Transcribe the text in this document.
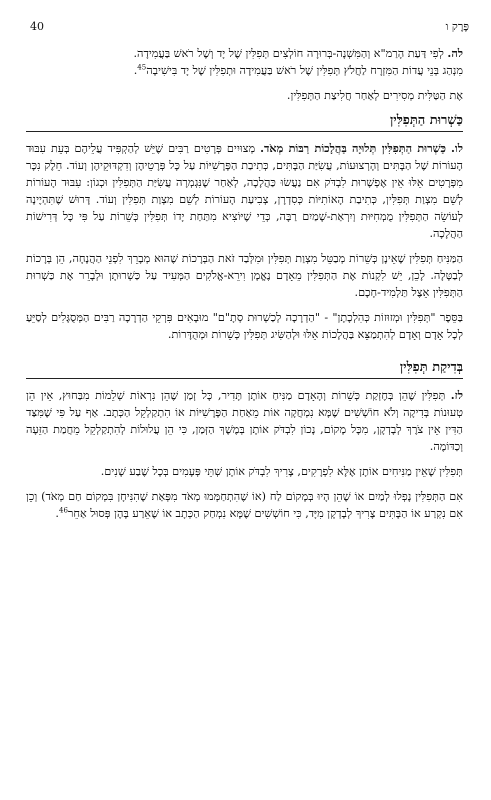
40	פֶּרֶק ו

לה. לְפִי דַּעַת הָרַמ"א וְהַמִּשְׁנָה-בְּרוּרָה חוֹלְצִים תְּפִלִּין שֶׁל יָד וְשֶׁל רֹאשׁ בַּעֲמִידָה.
מִנְהַג בְּנֵי עֲדוֹת הַמִּזְרָח לַחֲלֹץ תְּפִלִּין שֶׁל רֹאשׁ בַּעֲמִידָה וּתְפִלִּין שֶׁל יָד בִּישִׁיבָה$^{45}$.

אֶת הַטַּלִּית מְסִירִים לְאַחַר חֲלִיצַת הַתְּפִלִּין.

כַּשְׁרוּת הַתְּפִלִּין

לו. כַּשְׁרוּת הַתְּפִלִּין תְּלוּיָה בַּהֲלָכוֹת רַבּוֹת מְאֹד. מְצוּיִים פְּרָטִים רַבִּים שֶׁיֵּשׁ לְהַקְפִּיד עֲלֵיהֶם בְּעֵת עִבּוּד הָעוֹרוֹת שֶׁל הַבָּתִּים וְהָרְצוּעוֹת, עֲשִׂיַּת הַבָּתִּים, כְּתִיבַת הַפָּרָשִׁיּוֹת עַל כָּל פְּרָטֵיהֶן וְדִקְדּוּקֵיהֶן וְעוֹד. חֵלֶק נִכָּר מִפְּרָטִים אֵלּוּ אֵין אֶפְשָׁרוּת לִבְדֹּק אִם נַעֲשׂוּ כַּהֲלָכָה, לְאַחַר שֶׁנִּגְמְרָה עֲשִׂיַּת הַתְּפִלִּין וּכְגוֹן: עִבּוּד הָעוֹרוֹת לְשֵׁם מִצְוַת תְּפִלִּין, כְּתִיבַת הָאוֹתִיּוֹת כְּסִדְרָן, צְבִיעַת הָעוֹרוֹת לְשֵׁם מִצְוַת תְּפִלִּין וְעוֹד. דָּרוּשׁ שֶׁתִּהְיֶינָה לְעוֹשֵׂה הַתְּפִלִּין מֻמְחִיּוּת וְיִרְאַת-שָׁמַיִם רַבָּה, כְּדֵי שֶׁיּוֹצִיא מִתַּחַת יָדוֹ תְּפִלִּין כְּשֵׁרוֹת עַל פִּי כָּל דְּרִישׁוֹת הַהֲלָכָה.

הַמַּנִּיחַ תְּפִלִּין שֶׁאֵינָן כְּשֵׁרוֹת מְבַטֵּל מִצְוַת תְּפִלִּין וּמִלְּבַד זֹאת הַבְּרָכוֹת שֶׁהוּא מְבָרֵךְ לִפְנֵי הַהֲנָחָה, הֵן בְּרָכוֹת לְבַטָּלָה. לָכֵן, יֵשׁ לִקְנוֹת אֶת הַתְּפִלִּין מֵאָדָם נֶאֱמָן וִירֵא-אֱלֹקִים הַמְּעִיד עַל כַּשְׁרוּתָן וּלְבָרֵר אֶת כַּשְׁרוּת הַתְּפִלִּין אֵצֶל תַּלְמִיד-חָכָם.

בַּסֵּפֶר "תְּפִלִּין וּמְזוּזוֹת כְּהִלְכָתָן" - "הַדְרָכָה לְכַשְׁרוּת סְתָ"ם" מוּבָאִים פִּרְקֵי הַדְרָכָה רַבִּים הַמְּסֻגָּלִים לְסַיֵּעַ לְכָל אָדָם וְאָדָם לְהִתְמַצֵּא בַּהֲלָכוֹת אֵלּוּ וּלְהַשִּׂיג תְּפִלִּין כְּשֵׁרוֹת וּמְהֻדָּרוֹת.

בְּדִיקַת תְּפִלִּין

לז. תְּפִלִּין שֶׁהֵן בְּחֶזְקַת כְּשֵׁרוֹת וְהָאָדָם מַנִּיחַ אוֹתָן תָּדִיר, כָּל זְמַן שֶׁהֵן נִרְאוֹת שְׁלֵמוֹת מִבַּחוּץ, אֵין הֵן טְעוּנוֹת בְּדִיקָה וְלֹא חוֹשְׁשִׁים שֶׁמָּא נִמְחֲקָה אוֹת מֵאַחַת הַפָּרָשִׁיּוֹת אוֹ הִתְקַלְקֵל הַכְּתָב. אַף עַל פִּי שֶׁמִּצַּד הַדִּין אֵין צֹרֶךְ לְבָדְקָן, מִכָּל מָקוֹם, נָכוֹן לִבְדֹּק אוֹתָן בְּמֶשֶׁךְ הַזְּמַן, כִּי הֵן עֲלוּלוֹת לְהִתְקַלְקֵל מֵחֲמַת הַזֵּעָה וְכַדּוֹמֶה.

תְּפִלִּין שֶׁאֵין מַנִּיחִים אוֹתָן אֶלָּא לִפְרָקִים, צָרִיךְ לִבְדֹּק אוֹתָן שְׁתֵּי פְּעָמִים בְּכָל שֶׁבַע שָׁנִים.

אִם הַתְּפִלִּין נָפְלוּ לְמַיִם אוֹ שֶׁהֵן הָיוּ בְּמָקוֹם לַח (אוֹ שֶׁהִתְחַמְּמוּ מְאֹד מִפְּאַת שֶׁהִנִּיחָן בִּמְקוֹם חַם מְאֹד) וְכֵן אִם נִקְרַע אוֹ הַבָּתִּים צָרִיךְ לְבָדְקָן מִיָּד, כִּי חוֹשְׁשִׁים שֶׁמָּא נִמְחַק הַכְּתָב אוֹ שֶׁאֵרַע בָּהֶן פְּסוּל אַחֵר$^{46}$.
